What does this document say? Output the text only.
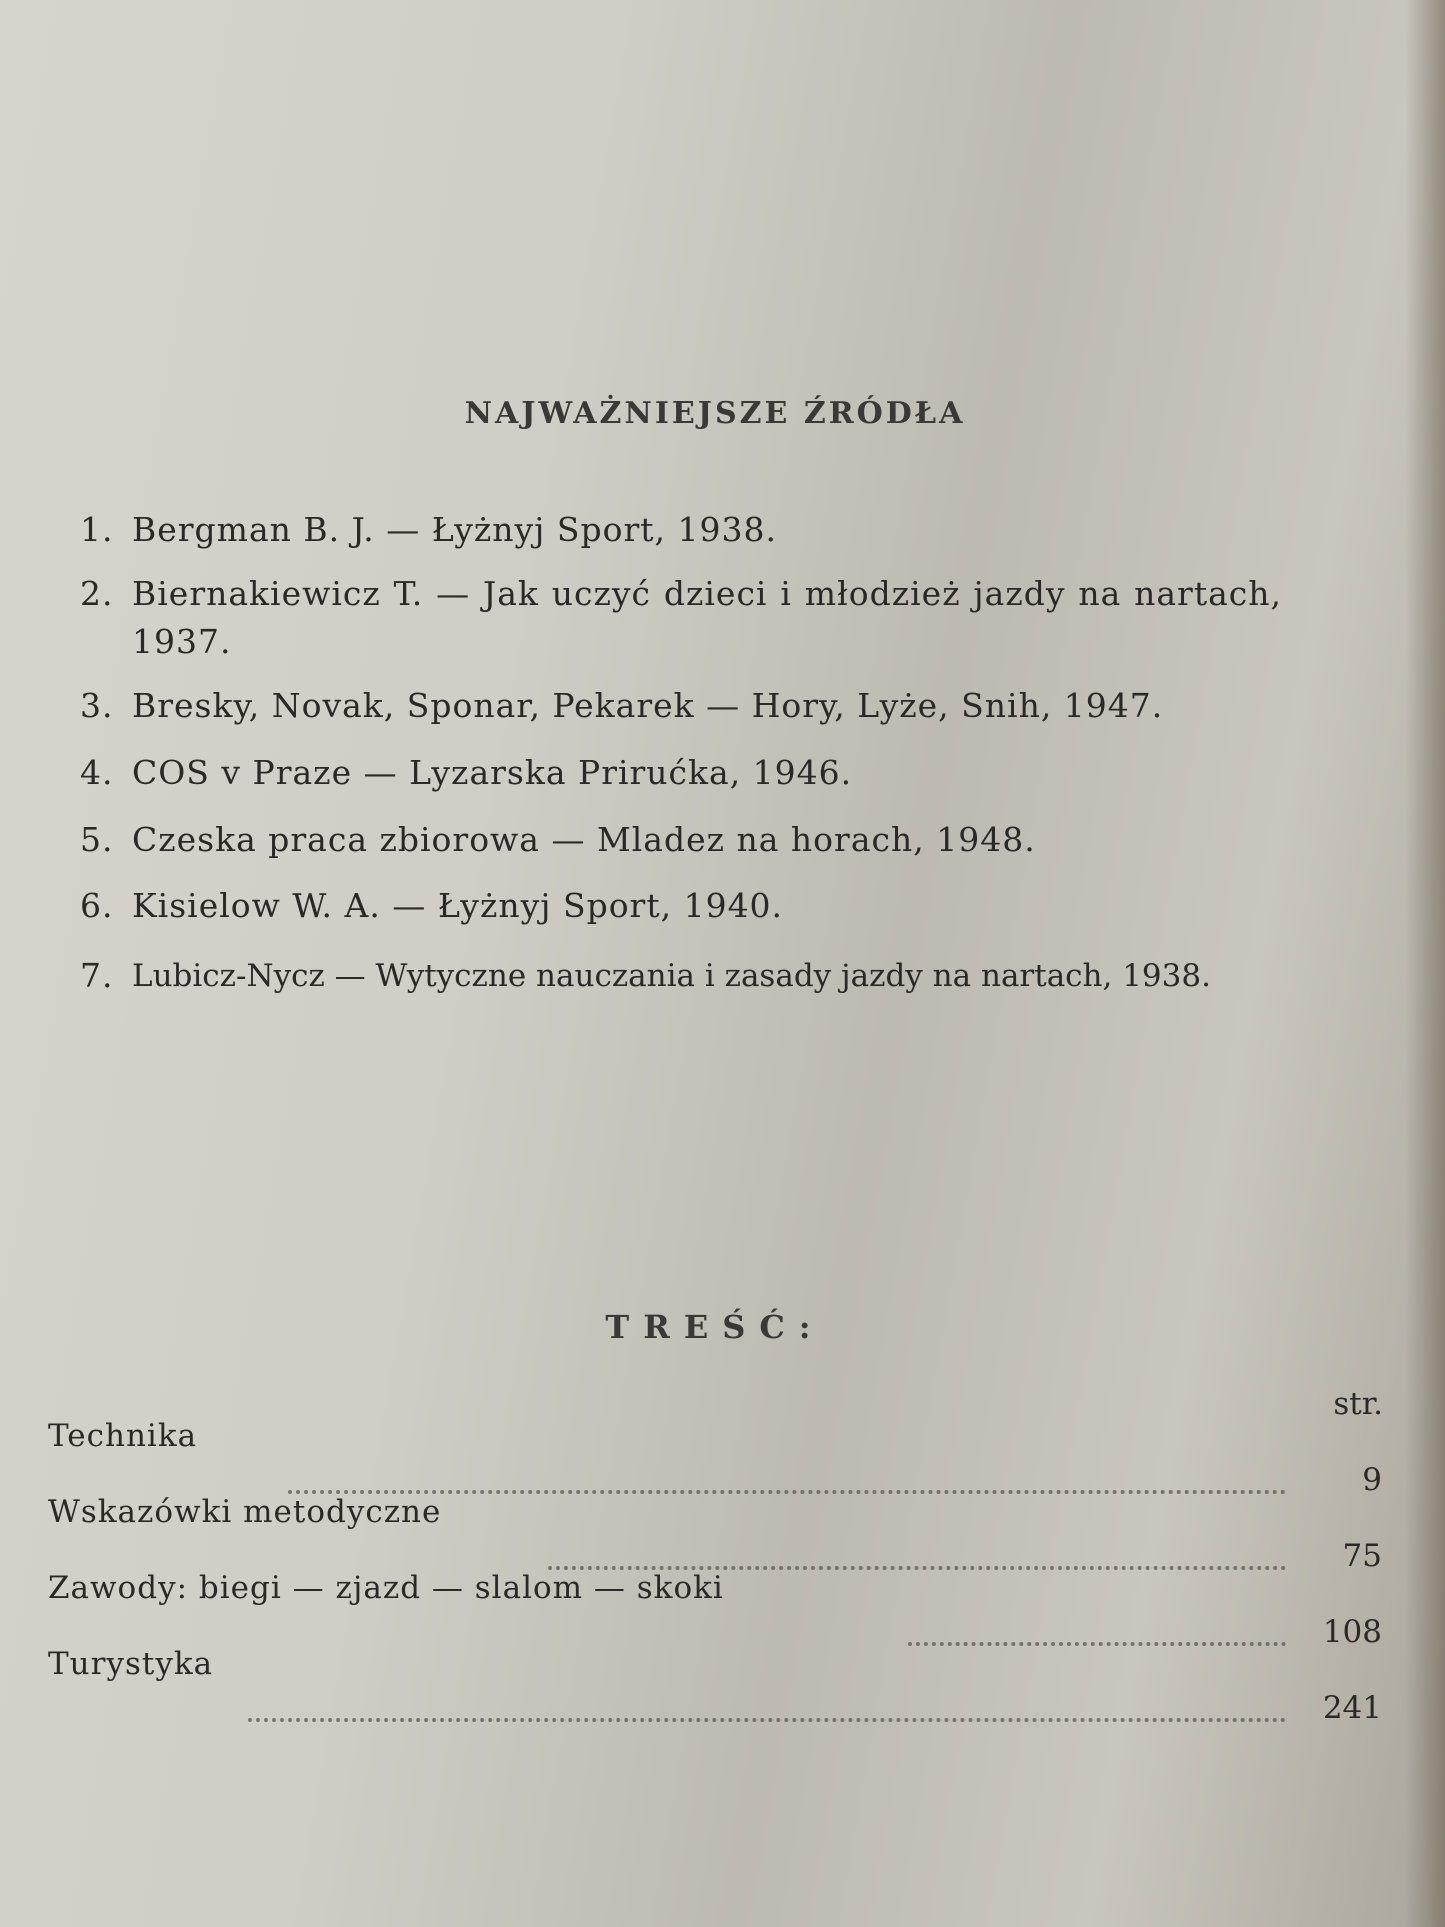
NAJWAŻNIEJSZE ŹRÓDŁA
1. Bergman B. J. — Łyżnyj Sport, 1938.
2. Biernakiewicz T. — Jak uczyć dzieci i młodzież jazdy na nartach, 1937.
3. Bresky, Novak, Sponar, Pekarek — Hory, Lyże, Snih, 1947.
4. COS v Praze — Lyzarska Prirućka, 1946.
5. Czeska praca zbiorowa — Mladez na horach, 1948.
6. Kisielow W. A. — Łyżnyj Sport, 1940.
7. Lubicz-Nycz — Wytyczne nauczania i zasady jazdy na nartach, 1938.
TREŚĆ:
str.
Technika
9
Wskazówki metodyczne
75
Zawody: biegi — zjazd — slalom — skoki
108
Turystyka
241
